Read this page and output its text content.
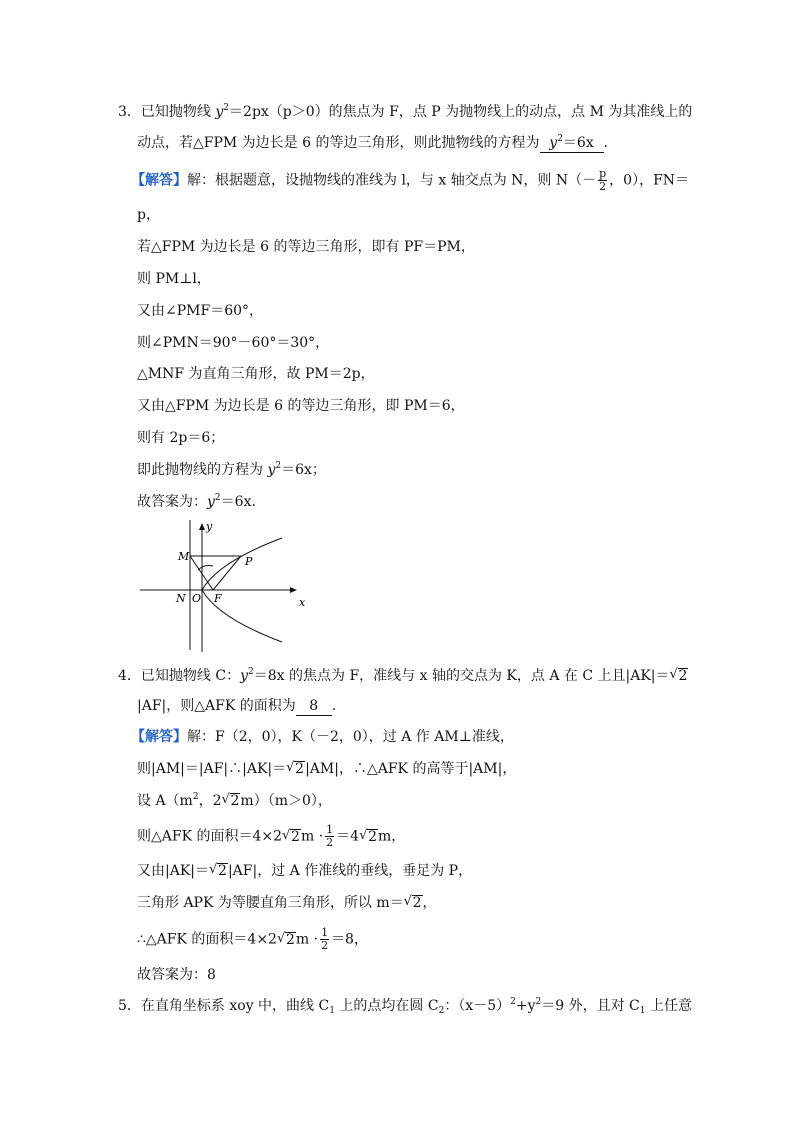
3．已知抛物线 $y^2=2px(p>0)$的焦点为 F，点 P 为抛物线上的动点，点 M 为其准线上的
动点，若△FPM 为边长是 6 的等边三角形，则此抛物线的方程为 $y^2=6x$ ．
【解答】解：根据题意，设抛物线的准线为 l，与 x 轴交点为 N，则 $N(- \frac{p}{2}$ ，0），FN＝
p，
若△FPM 为边长是 6 的等边三角形，即有 PF＝PM，
则 PM⊥l，
又由∠PMF＝60°，
则∠PMN＝90°－60°＝30°，
△MNF 为直角三角形，故 PM＝2p，
又由△FPM 为边长是 6 的等边三角形，即 PM＝6，
则有 2p＝6；
即此抛物线的方程为 $y^2=6x$；
故答案为：$y^2=6x$．
y
x
M	P
N O F
4．已知抛物线 C：$y^2=8x$ 的焦点为 F，准线与 x 轴的交点为 K，点 A 在 C 上且|AK|＝√ 2
|AF|，则△AFK 的面积为 8 ．
【解答】解：F（2，0），K（－2，0），过 A 作 AM⊥准线，
则|AM|＝|AF|∴|AK|＝√ 2|AM|，∴△AFK 的高等于|AM|，
设 $A(m^2$，2√ 2m）（m＞0），
则△AFK 的面积＝4×2√ $2m \cdot \frac{1}{2} =4√$ 2m，
又由|AK|＝√ 2|AF|，过 A 作准线的垂线，垂足为 P，
三角形 APK 为等腰直角三角形，所以 m＝√ 2，
∴△AFK 的面积＝4×2√ $2m \cdot \frac{1}{2} =8$，
故答案为：8
5．在直角坐标系 xoy 中，曲线 $C_1$ 上的点均在圆 $C_2$：$(x-5)^2+y^2=9$ 外，且对 $C_1$ 上任意
